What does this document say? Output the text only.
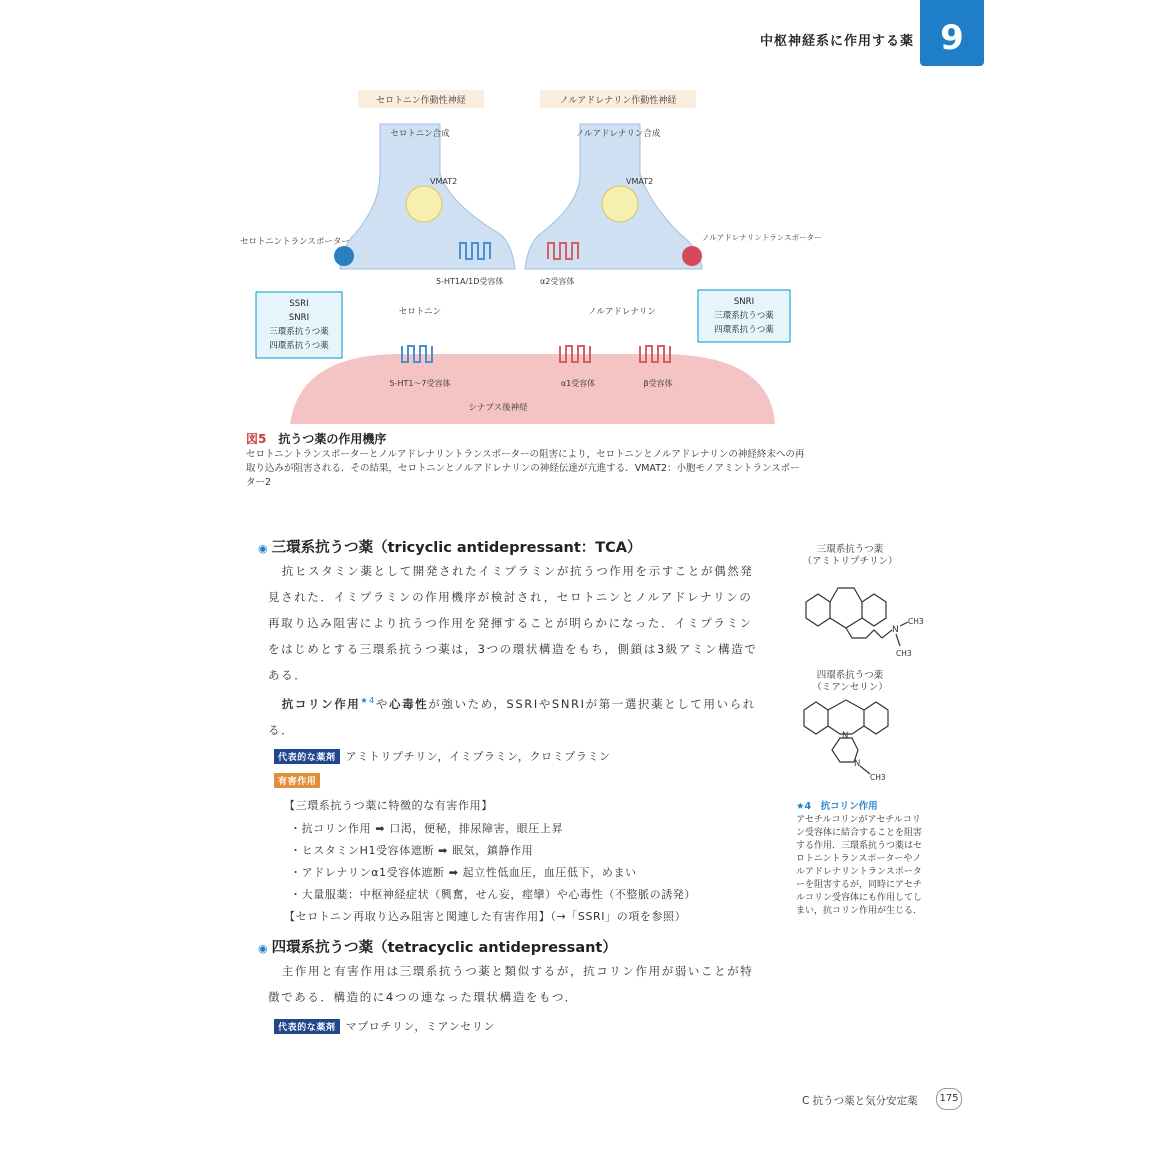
中枢神経系に作用する薬 9
セロトニン作動性神経	ノルアドレナリン作動性神経
セロトニン合成	ノルアドレナリン合成
VMAT2	VMAT2
セロトニントランスポーター	ノルアドレナリントランスポーター
5-HT1A/1D受容体	α2受容体
セロトニン	ノルアドレナリン
SSRI
SNRI
三環系抗うつ薬
四環系抗うつ薬
SNRI
三環系抗うつ薬
四環系抗うつ薬
5-HT1〜7受容体	α1受容体	β受容体
シナプス後神経
図5　 抗うつ薬の作用機序
セロトニントランスポーターとノルアドレナリントランスポーターの阻害により，セロトニンとノルアドレナリンの神経終末への再取り込みが阻害される．その結果，セロトニンとノルアドレナリンの神経伝達が亢進する．VMAT2：小胞モノアミントランスポーター2
◉ 三環系抗うつ薬（tricyclic antidepressant：TCA）
抗ヒスタミン薬として開発されたイミプラミンが抗うつ作用を示すことが偶然発見された．イミプラミンの作用機序が検討され，セロトニンとノルアドレナリンの再取り込み阻害により抗うつ作用を発揮することが明らかになった．イミプラミンをはじめとする三環系抗うつ薬は，3つの環状構造をもち，側鎖は3級アミン構造である．
抗コリン作用$^{★4}$や心毒性が強いため，SSRIやSNRIが第一選択薬として用いられる．
代表的な薬剤 アミトリプチリン，イミプラミン，クロミプラミン
有害作用
【三環系抗うつ薬に特徴的な有害作用】
・抗コリン作用 ➡ 口渇，便秘，排尿障害，眼圧上昇
・ヒスタミンH1受容体遮断 ➡ 眠気，鎮静作用
・アドレナリンα1受容体遮断 ➡ 起立性低血圧，血圧低下，めまい
・大量服薬：中枢神経症状（興奮，せん妄，痙攣）や心毒性（不整脈の誘発）
【セロトニン再取り込み阻害と関連した有害作用】（→「SSRI」の項を参照）
◉ 四環系抗うつ薬（tetracyclic antidepressant）
主作用と有害作用は三環系抗うつ薬と類似するが，抗コリン作用が弱いことが特徴である．構造的に4つの連なった環状構造をもつ．
代表的な薬剤 マプロチリン，ミアンセリン
三環系抗うつ薬
（アミトリプチリン）
N
CH3
CH3
四環系抗うつ薬
（ミアンセリン）
N
N
CH3
★4　抗コリン作用
アセチルコリンがアセチルコリン受容体に結合することを阻害する作用．三環系抗うつ薬はセロトニントランスポーターやノルアドレナリントランスポーターを阻害するが，同時にアセチルコリン受容体にも作用してしまい，抗コリン作用が生じる．
C 抗うつ薬と気分安定薬	175
